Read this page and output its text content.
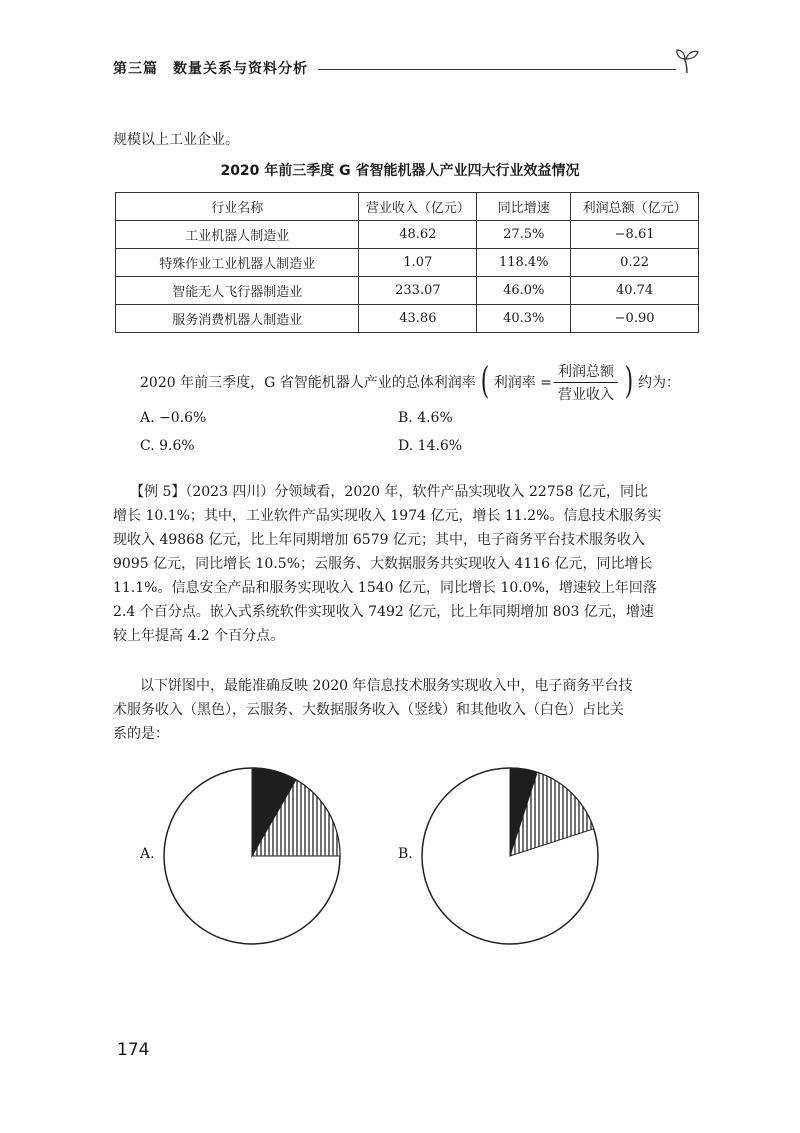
第三篇　数量关系与资料分析
规模以上工业企业。
2020 年前三季度 G 省智能机器人产业四大行业效益情况
行业名称	营业收入（亿元）	同比增速	利润总额（亿元）
工业机器人制造业	48.62	27.5%	−8.61
特殊作业工业机器人制造业	1.07	118.4%	0.22
智能无人飞行器制造业	233.07	46.0%	40.74
服务消费机器人制造业	43.86	40.3%	−0.90
2020 年前三季度，G 省智能机器人产业的总体利润率 ( 利润率 = $\frac{\text{利润总额}}{\text{营业收入}}$ ) 约为：
A. −0.6%	B. 4.6%
C. 9.6%	D. 14.6%
【例 5】（2023 四川）分领域看，2020 年，软件产品实现收入 22758 亿元，同比
增长 10.1%；其中，工业软件产品实现收入 1974 亿元，增长 11.2%。信息技术服务实
现收入 49868 亿元，比上年同期增加 6579 亿元；其中，电子商务平台技术服务收入
9095 亿元，同比增长 10.5%；云服务、大数据服务共实现收入 4116 亿元，同比增长
11.1%。信息安全产品和服务实现收入 1540 亿元，同比增长 10.0%，增速较上年回落
2.4 个百分点。嵌入式系统软件实现收入 7492 亿元，比上年同期增加 803 亿元，增速
较上年提高 4.2 个百分点。
以下饼图中，最能准确反映 2020 年信息技术服务实现收入中，电子商务平台技
术服务收入（黑色），云服务、大数据服务收入（竖线）和其他收入（白色）占比关
系的是：
A.	B.
174
